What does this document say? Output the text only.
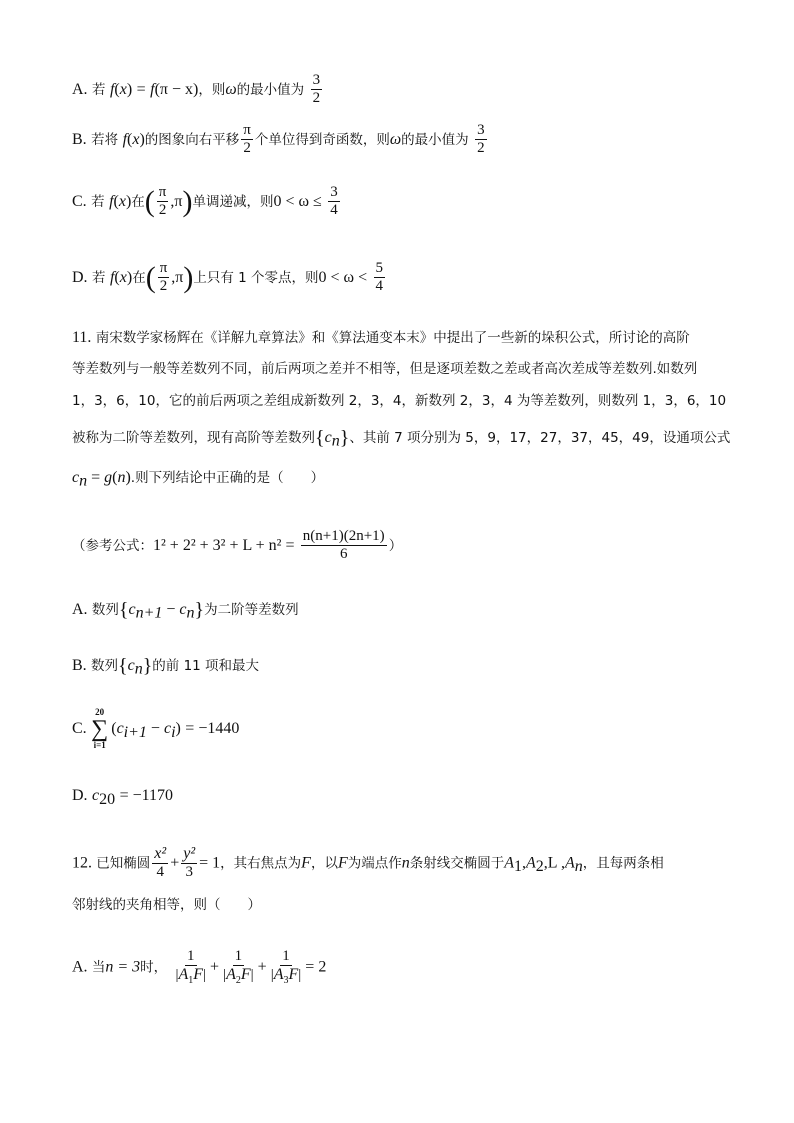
A. 若 f(x) = f(π − x)，则ω的最小值为 $\frac{3}{2}$
B. 若将 f(x)的图象向右平移 $\frac{\pi}{2}$ 个单位得到奇函数，则ω的最小值为 $\frac{3}{2}$
C. 若 f(x)在( $\frac{\pi}{2} ,\pi$)单调递减，则$0 < \omega \le \frac{3}{4}$
D. 若 f(x)在( $\frac{\pi}{2} ,\pi$)上只有 1 个零点，则$0 < \omega < \frac{5}{4}$
11. 南宋数学家杨辉在《详解九章算法》和《算法通变本末》中提出了一些新的垛积公式，所讨论的高阶
等差数列与一般等差数列不同，前后两项之差并不相等，但是逐项差数之差或者高次差成等差数列.如数列
1，3，6，10，它的前后两项之差组成新数列 2，3，4，新数列 2，3，4 为等差数列，则数列 1，3，6，10
被称为二阶等差数列，现有高阶等差数列$\{c_n\}$、其前 7 项分别为 5，9，17，27，37，45，49，设通项公式
$c_n = g(n)$.则下列结论中正确的是（　　）
（参考公式：$1^2 + 2^2 + 3^2 + L + n^2 = \frac{n(n+1)(2n+1)}{6}$ ）
A. 数列$\{c_{n+1} - c_n\}$为二阶等差数列
B. 数列$\{c_n\}$的前 11 项和最大
C.
20
∑
i=1
$(c_{i+1} - c_i) = -1440$
D. $c_{20} = -1170$
12. 已知椭圆 $\frac{\text{x²}}{4} + \frac{\text{y²}}{3} = 1$，其右焦点为F，以F为端点作n条射线交椭圆于$A_1,A_2,L$ $,A_n$，且每两条相
邻射线的夹角相等，则（　　）
A. 当n = 3时， $\frac{1}{|A_1F|} + \frac{1}{|A_2F|} + \frac{1}{|A_3F|} = 2$
